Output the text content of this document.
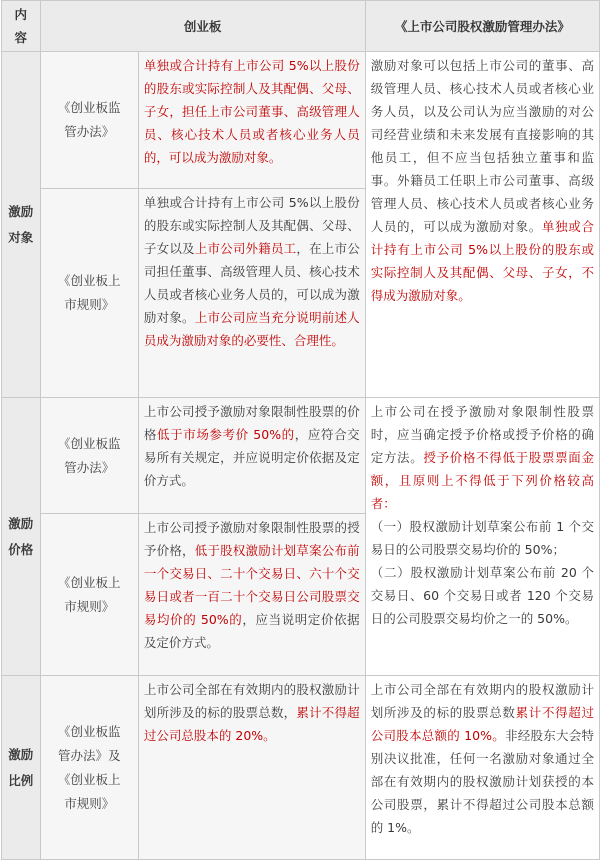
内容	创业板		《上市公司股权激励管理办法》
激励对象	《创业板监管办法》	单独或合计持有上市公司 5%以上股份的股东或实际控制人及其配偶、父母、子女，担任上市公司董事、高级管理人员、核心技术人员或者核心业务人员的，可以成为激励对象。	激励对象可以包括上市公司的董事、高级管理人员、核心技术人员或者核心业务人员，以及公司认为应当激励的对公司经营业绩和未来发展有直接影响的其他员工，但不应当包括独立董事和监事。外籍员工任职上市公司董事、高级管理人员、核心技术人员或者核心业务人员的，可以成为激励对象。单独或合计持有上市公司 5%以上股份的股东或实际控制人及其配偶、父母、子女，不得成为激励对象。
	《创业板上市规则》	单独或合计持有上市公司 5%以上股份的股东或实际控制人及其配偶、父母、子女以及上市公司外籍员工，在上市公司担任董事、高级管理人员、核心技术人员或者核心业务人员的，可以成为激励对象。上市公司应当充分说明前述人员成为激励对象的必要性、合理性。	
激励价格	《创业板监管办法》	上市公司授予激励对象限制性股票的价格低于市场参考价 50%的，应符合交易所有关规定，并应说明定价依据及定价方式。	上市公司在授予激励对象限制性股票时，应当确定授予价格或授予价格的确定方法。授予价格不得低于股票票面金额，且原则上不得低于下列价格较高者：
（一）股权激励计划草案公布前 1 个交易日的公司股票交易均价的 50%；
（二）股权激励计划草案公布前 20 个交易日、60 个交易日或者 120 个交易日的公司股票交易均价之一的 50%。

	《创业板上市规则》	上市公司授予激励对象限制性股票的授予价格，低于股权激励计划草案公布前一个交易日、二十个交易日、六十个交易日或者一百二十个交易日公司股票交易均价的 50%的，应当说明定价依据及定价方式。	
激励比例	《创业板监管办法》及《创业板上市规则》	上市公司全部在有效期内的股权激励计划所涉及的标的股票总数，累计不得超过公司总股本的 20%。	上市公司全部在有效期内的股权激励计划所涉及的标的股票总数累计不得超过公司股本总额的 10%。非经股东大会特别决议批准，任何一名激励对象通过全部在有效期内的股权激励计划获授的本公司股票，累计不得超过公司股本总额的 1%。
